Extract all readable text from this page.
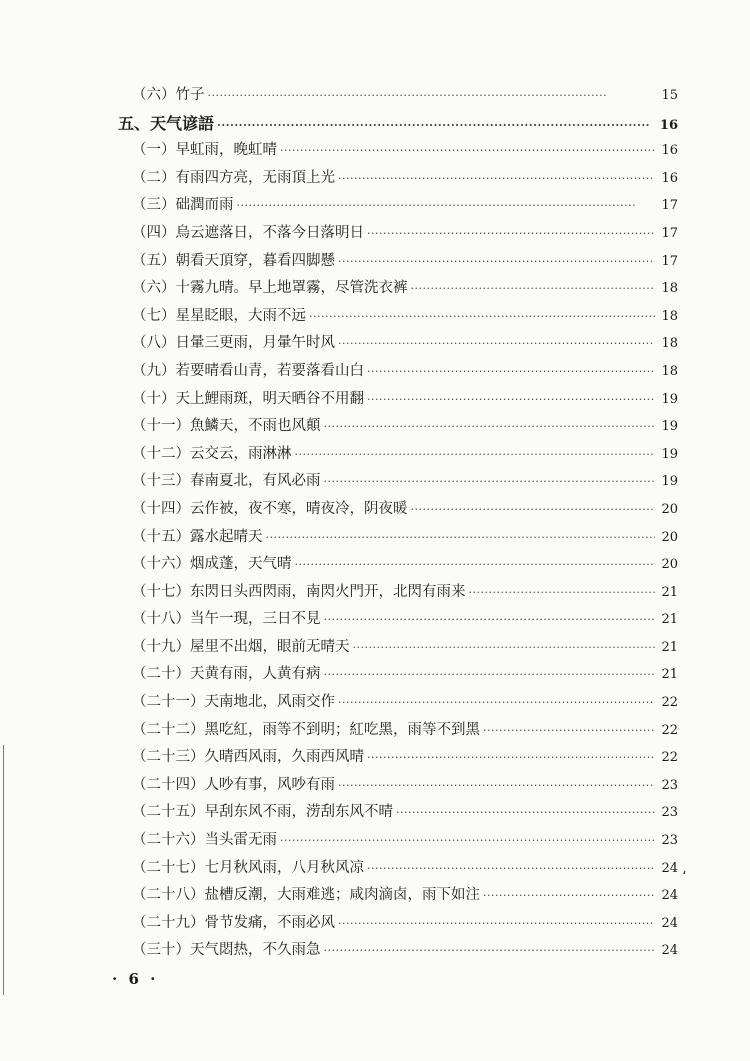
（六）竹子 ·····	15
五、天气谚語 ·····	16
（一）早虹雨，晚虹晴 ·····	16
（二）有雨四方亮，无雨頂上光 ·····	16
（三）础潤而雨 ·····	17
（四）烏云遮落日，不落今日落明日 ·····	17
（五）朝看天頂穿，暮看四脚懸 ·····	17
（六）十霧九晴。早上地罩霧，尽管洗衣裤 ·····	18
（七）星星眨眼，大雨不远 ·····	18
（八）日暈三更雨，月暈午时风 ·····	18
（九）若要晴看山青，若要落看山白 ·····	18
（十）天上鯉雨斑，明天晒谷不用翻 ·····	19
（十一）魚鱗天，不雨也风顛 ·····	19
（十二）云交云，雨淋淋 ·····	19
（十三）春南夏北，有风必雨 ·····	19
（十四）云作被，夜不寒，晴夜冷，阴夜暖 ·····	20
（十五）露水起晴天 ·····	20
（十六）烟成蓬，天气晴 ·····	20
（十七）东閃日头西閃雨，南閃火門开，北閃有雨来 ·····	21
（十八）当午一現，三日不見 ·····	21
（十九）屋里不出烟，眼前无晴天 ·····	21
（二十）天黄有雨，人黄有病 ·····	21
（二十一）天南地北，风雨交作 ·····	22
（二十二）黑吃紅，雨等不到明；紅吃黑，雨等不到黑 ·····	22
（二十三）久晴西风雨，久雨西风晴 ·····	22
（二十四）人吵有事，风吵有雨 ·····	23
（二十五）早刮东风不雨，涝刮东风不晴 ·····	23
（二十六）当头雷无雨 ·····	23
（二十七）七月秋风雨，八月秋风凉 ·····	24
（二十八）盐槽反潮，大雨难逃；咸肉滴卤，雨下如注 ·····	24
（二十九）骨节发痛，不雨必风 ·····	24
（三十）天气悶热，不久雨急 ·····	24
،
· 6 ·
